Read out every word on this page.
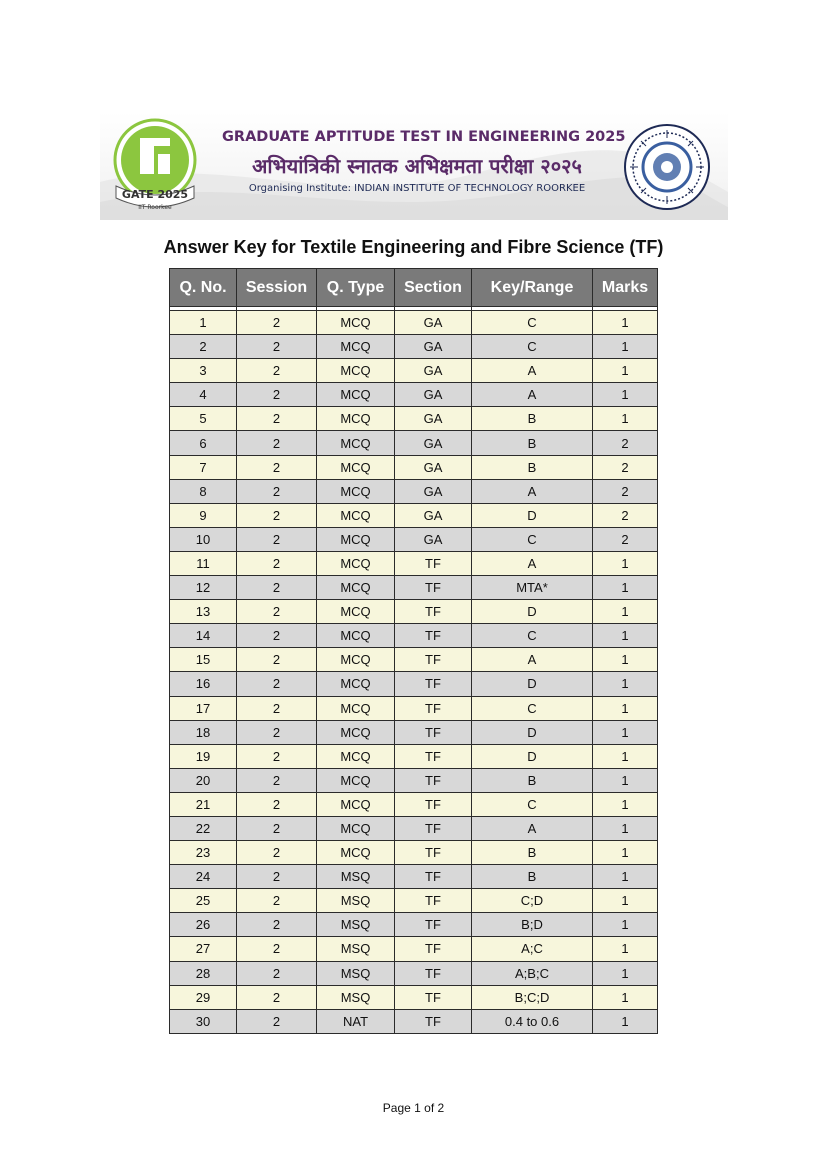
GATE 2025
IIT Roorkee
GRADUATE APTITUDE TEST IN ENGINEERING 2025
अभियांत्रिकी स्नातक अभिक्षमता परीक्षा २०२५
Organising Institute: INDIAN INSTITUTE OF TECHNOLOGY ROORKEE
Answer Key for Textile Engineering and Fibre Science (TF)
Q. No.	Session	Q. Type	Section	Key/Range	Marks

1	2	MCQ	GA	C	1
2	2	MCQ	GA	C	1
3	2	MCQ	GA	A	1
4	2	MCQ	GA	A	1
5	2	MCQ	GA	B	1
6	2	MCQ	GA	B	2
7	2	MCQ	GA	B	2
8	2	MCQ	GA	A	2
9	2	MCQ	GA	D	2
10	2	MCQ	GA	C	2
11	2	MCQ	TF	A	1
12	2	MCQ	TF	MTA*	1
13	2	MCQ	TF	D	1
14	2	MCQ	TF	C	1
15	2	MCQ	TF	A	1
16	2	MCQ	TF	D	1
17	2	MCQ	TF	C	1
18	2	MCQ	TF	D	1
19	2	MCQ	TF	D	1
20	2	MCQ	TF	B	1
21	2	MCQ	TF	C	1
22	2	MCQ	TF	A	1
23	2	MCQ	TF	B	1
24	2	MSQ	TF	B	1
25	2	MSQ	TF	C;D	1
26	2	MSQ	TF	B;D	1
27	2	MSQ	TF	A;C	1
28	2	MSQ	TF	A;B;C	1
29	2	MSQ	TF	B;C;D	1
30	2	NAT	TF	0.4 to 0.6	1
Page 1 of 2
